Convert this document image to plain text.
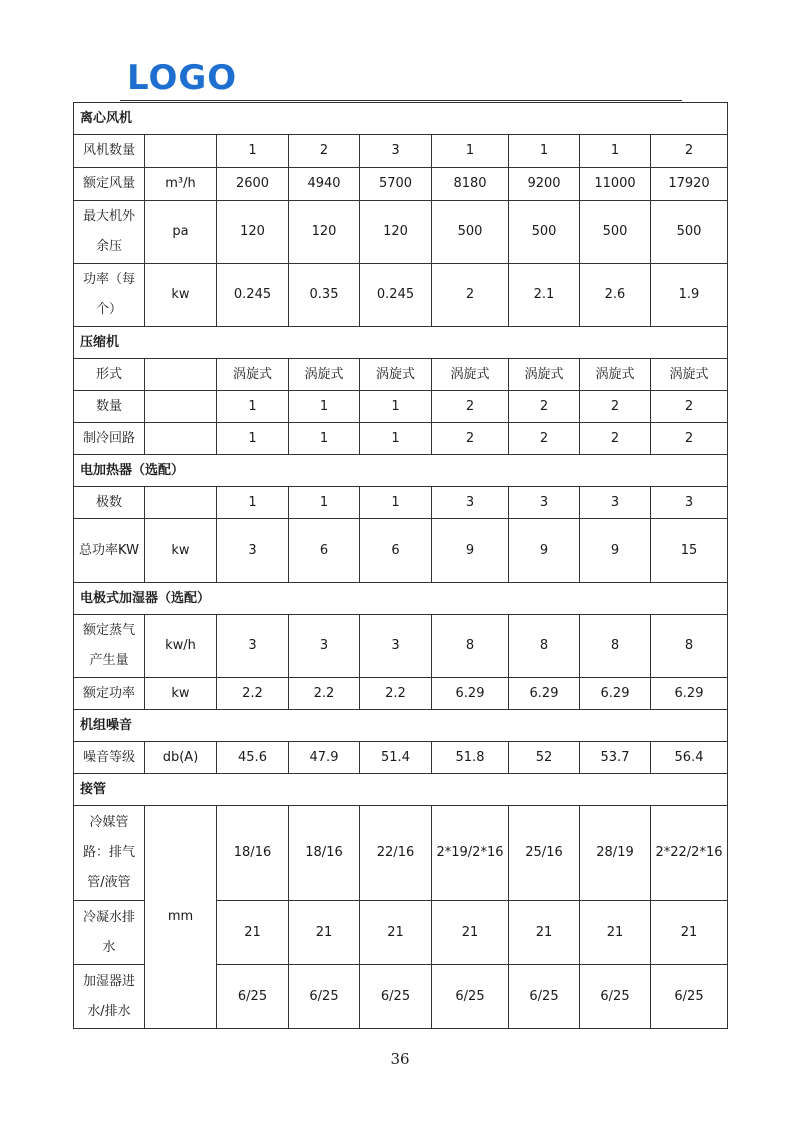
LOGO
离心风机								
风机数量		1	2	3	1	1	1	2
额定风量	m³/h	2600	4940	5700	8180	9200	11000	17920
最大机外余压	pa	120	120	120	500	500	500	500
功率（每个）	kw	0.245	0.35	0.245	2	2.1	2.6	1.9
压缩机								
形式		涡旋式	涡旋式	涡旋式	涡旋式	涡旋式	涡旋式	涡旋式
数量		1	1	1	2	2	2	2
制冷回路		1	1	1	2	2	2	2
电加热器（选配）								
极数		1	1	1	3	3	3	3
总功率KW	kw	3	6	6	9	9	9	15
电极式加湿器（选配）								
额定蒸气产生量	kw/h	3	3	3	8	8	8	8
额定功率	kw	2.2	2.2	2.2	6.29	6.29	6.29	6.29
机组噪音								
噪音等级	db(A)	45.6	47.9	51.4	51.8	52	53.7	56.4
接管								
冷媒管路：排气管/液管	mm	18/16	18/16	22/16	2*19/2*16	25/16	28/19	2*22/2*16
冷凝水排水		21	21	21	21	21	21	21
加湿器进水/排水		6/25	6/25	6/25	6/25	6/25	6/25	6/25
36
